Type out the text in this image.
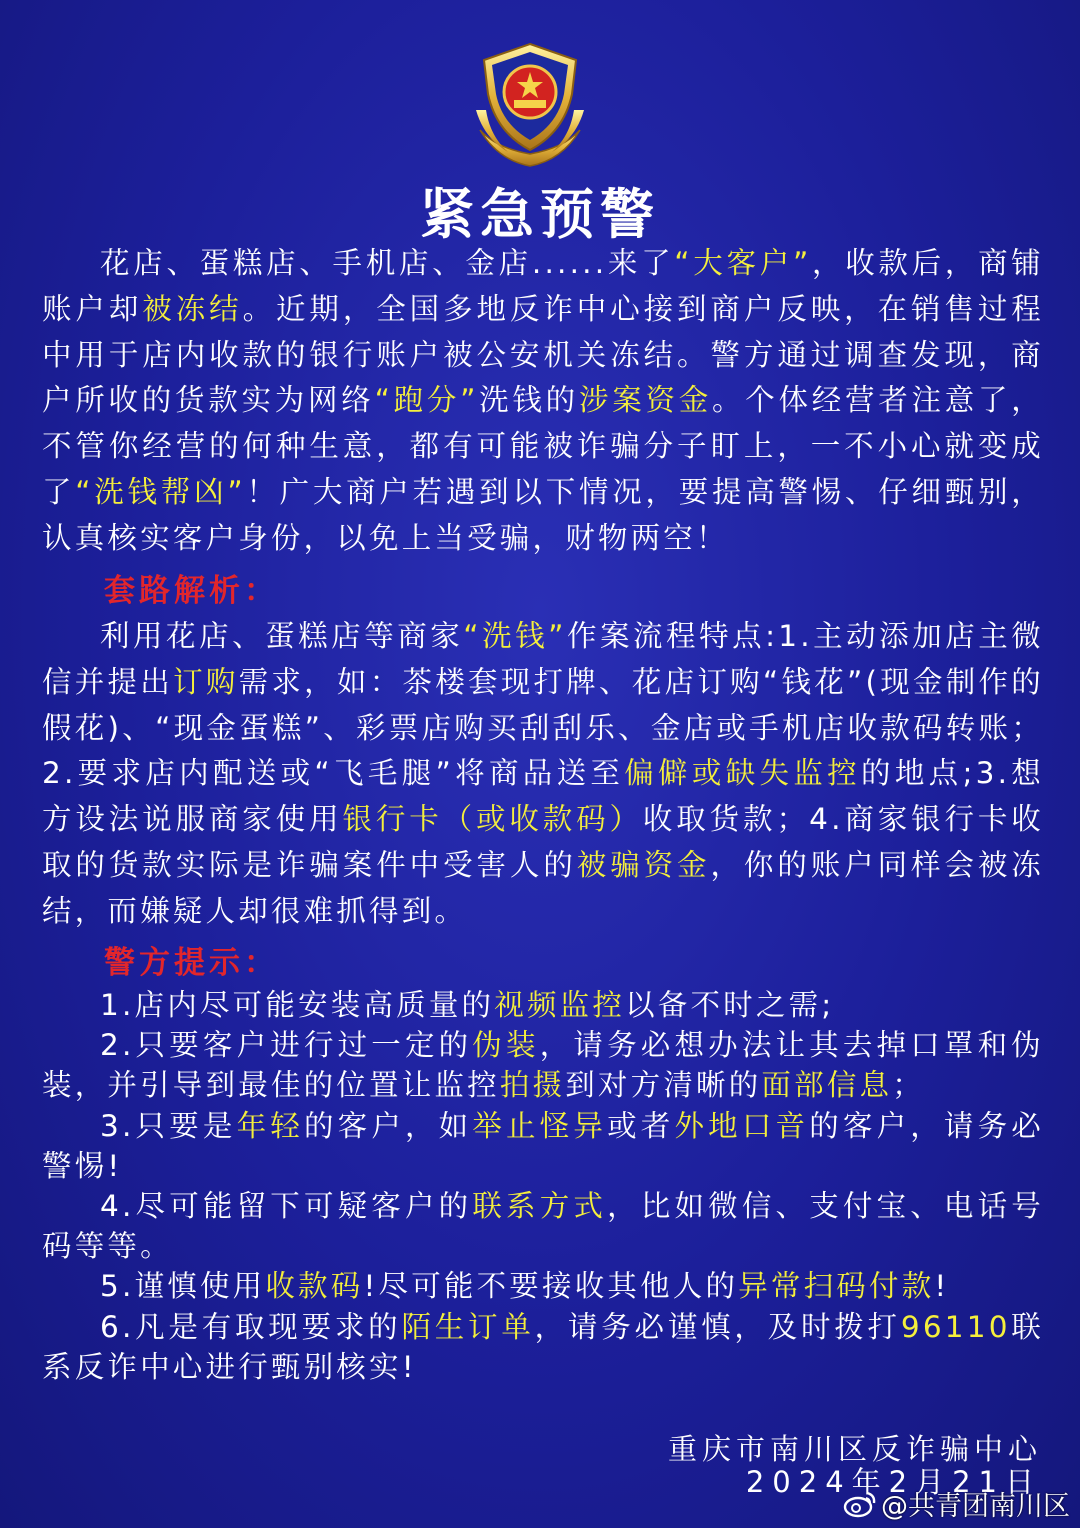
紧急预警

花店、蛋糕店、手机店、金店......来了“大客户”，收款后，商铺账户却被冻结。近期，全国多地反诈中心接到商户反映，在销售过程中用于店内收款的银行账户被公安机关冻结。警方通过调查发现，商户所收的货款实为网络“跑分”洗钱的涉案资金。个体经营者注意了，不管你经营的何种生意，都有可能被诈骗分子盯上，一不小心就变成了“洗钱帮凶”！广大商户若遇到以下情况，要提高警惕、仔细甄别，认真核实客户身份，以免上当受骗，财物两空！

套路解析：

利用花店、蛋糕店等商家“洗钱”作案流程特点:1.主动添加店主微信并提出订购需求，如：茶楼套现打牌、花店订购“钱花”(现金制作的假花)、“现金蛋糕”、彩票店购买刮刮乐、金店或手机店收款码转账；2.要求店内配送或“飞毛腿”将商品送至偏僻或缺失监控的地点;3.想方设法说服商家使用银行卡（或收款码）收取货款；4.商家银行卡收取的货款实际是诈骗案件中受害人的被骗资金，你的账户同样会被冻结，而嫌疑人却很难抓得到。

警方提示：

1.店内尽可能安装高质量的视频监控以备不时之需;

2.只要客户进行过一定的伪装，请务必想办法让其去掉口罩和伪装，并引导到最佳的位置让监控拍摄到对方清晰的面部信息；

3.只要是年轻的客户，如举止怪异或者外地口音的客户，请务必警惕!

4.尽可能留下可疑客户的联系方式，比如微信、支付宝、电话号码等等。

5.谨慎使用收款码!尽可能不要接收其他人的异常扫码付款!

6.凡是有取现要求的陌生订单，请务必谨慎，及时拨打96110联系反诈中心进行甄别核实!

重庆市南川区反诈骗中心
2024年2月21日
@共青团南川区
